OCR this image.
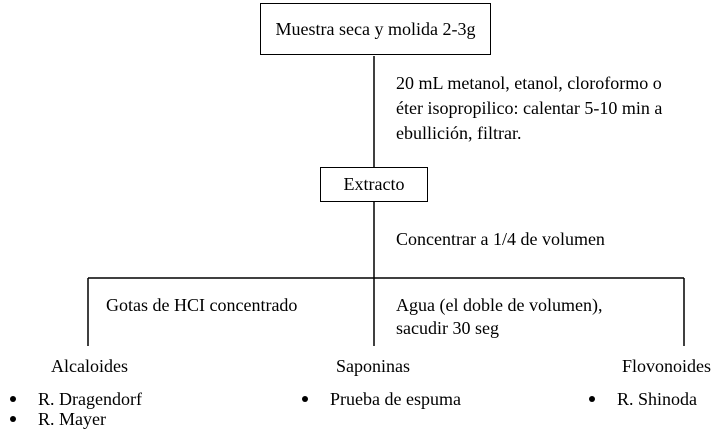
Muestra seca y molida 2-3g
Extracto
20 mL metanol, etanol, cloroformo o
éter isopropilico: calentar 5-10 min a
ebullición, filtrar.
Concentrar a 1/4 de volumen
Gotas de HCI concentrado	Agua (el doble de volumen),
sacudir 30 seg
Alcaloides	Saponinas	Flovonoides
R. Dragendorf
R. Mayer
Prueba de espuma	R. Shinoda
